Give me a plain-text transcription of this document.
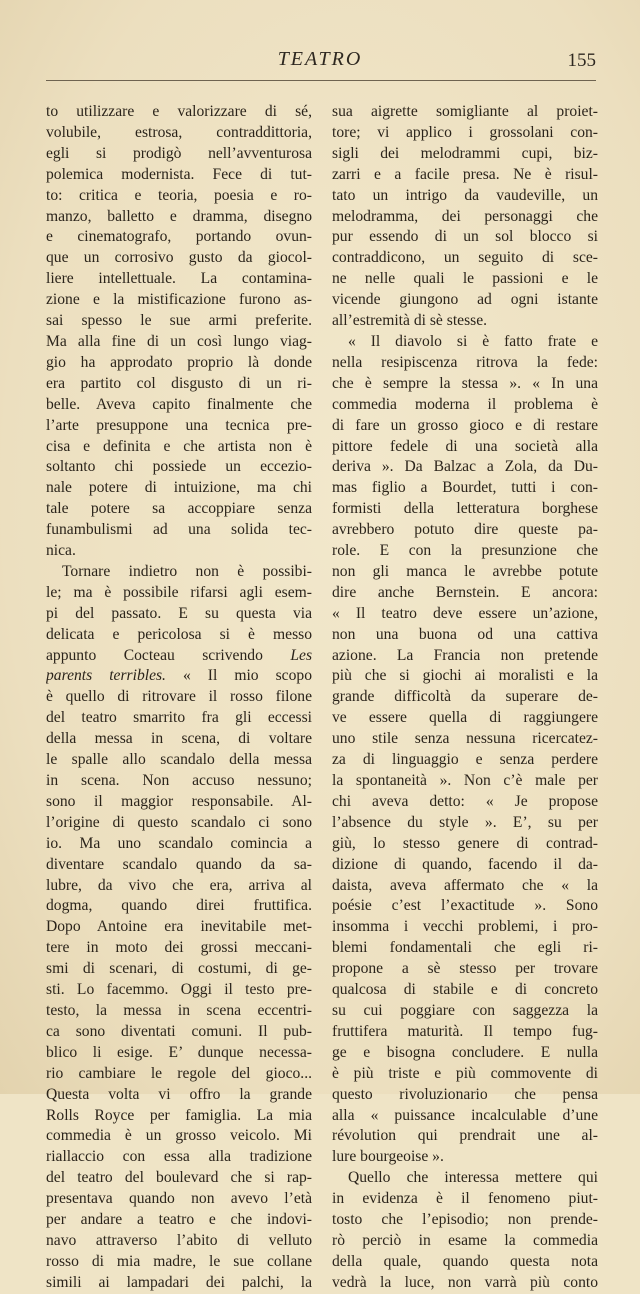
TEATRO	155
to utilizzare e valorizzare di sé,
volubile, estrosa, contraddittoria,
egli si prodigò nell’avventurosa
polemica modernista. Fece di tut-
to: critica e teoria, poesia e ro-
manzo, balletto e dramma, disegno
e cinematografo, portando ovun-
que un corrosivo gusto da giocol-
liere intellettuale. La contamina-
zione e la mistificazione furono as-
sai spesso le sue armi preferite.
Ma alla fine di un così lungo viag-
gio ha approdato proprio là donde
era partito col disgusto di un ri-
belle. Aveva capito finalmente che
l’arte presuppone una tecnica pre-
cisa e definita e che artista non è
soltanto chi possiede un eccezio-
nale potere di intuizione, ma chi
tale potere sa accoppiare senza
funambulismi ad una solida tec-
nica.
Tornare indietro non è possibi-
le; ma è possibile rifarsi agli esem-
pi del passato. E su questa via
delicata e pericolosa si è messo
appunto Cocteau scrivendo Les
parents terribles. « Il mio scopo
è quello di ritrovare il rosso filone
del teatro smarrito fra gli eccessi
della messa in scena, di voltare
le spalle allo scandalo della messa
in scena. Non accuso nessuno;
sono il maggior responsabile. Al-
l’origine di questo scandalo ci sono
io. Ma uno scandalo comincia a
diventare scandalo quando da sa-
lubre, da vivo che era, arriva al
dogma, quando direi fruttifica.
Dopo Antoine era inevitabile met-
tere in moto dei grossi meccani-
smi di scenari, di costumi, di ge-
sti. Lo facemmo. Oggi il testo pre-
testo, la messa in scena eccentri-
ca sono diventati comuni. Il pub-
blico li esige. E’ dunque necessa-
rio cambiare le regole del gioco...
Questa volta vi offro la grande
Rolls Royce per famiglia. La mia
commedia è un grosso veicolo. Mi
riallaccio con essa alla tradizione
del teatro del boulevard che si rap-
presentava quando non avevo l’età
per andare a teatro e che indovi-
navo attraverso l’abito di velluto
rosso di mia madre, le sue collane
simili ai lampadari dei palchi, la
sua aigrette somigliante al proiet-
tore; vi applico i grossolani con-
sigli dei melodrammi cupi, biz-
zarri e a facile presa. Ne è risul-
tato un intrigo da vaudeville, un
melodramma, dei personaggi che
pur essendo di un sol blocco si
contraddicono, un seguito di sce-
ne nelle quali le passioni e le
vicende giungono ad ogni istante
all’estremità di sè stesse.
« Il diavolo si è fatto frate e
nella resipiscenza ritrova la fede:
che è sempre la stessa ». « In una
commedia moderna il problema è
di fare un grosso gioco e di restare
pittore fedele di una società alla
deriva ». Da Balzac a Zola, da Du-
mas figlio a Bourdet, tutti i con-
formisti della letteratura borghese
avrebbero potuto dire queste pa-
role. E con la presunzione che
non gli manca le avrebbe potute
dire anche Bernstein. E ancora:
« Il teatro deve essere un’azione,
non una buona od una cattiva
azione. La Francia non pretende
più che si giochi ai moralisti e la
grande difficoltà da superare de-
ve essere quella di raggiungere
uno stile senza nessuna ricercatez-
za di linguaggio e senza perdere
la spontaneità ». Non c’è male per
chi aveva detto: « Je propose
l’absence du style ». E’, su per
giù, lo stesso genere di contrad-
dizione di quando, facendo il da-
daista, aveva affermato che « la
poésie c’est l’exactitude ». Sono
insomma i vecchi problemi, i pro-
blemi fondamentali che egli ri-
propone a sè stesso per trovare
qualcosa di stabile e di concreto
su cui poggiare con saggezza la
fruttifera maturità. Il tempo fug-
ge e bisogna concludere. E nulla
è più triste e più commovente di
questo rivoluzionario che pensa
alla « puissance incalculable d’une
révolution qui prendrait une al-
lure bourgeoise ».
Quello che interessa mettere qui
in evidenza è il fenomeno piut-
tosto che l’episodio; non prende-
rò perciò in esame la commedia
della quale, quando questa nota
vedrà la luce, non varrà più conto
